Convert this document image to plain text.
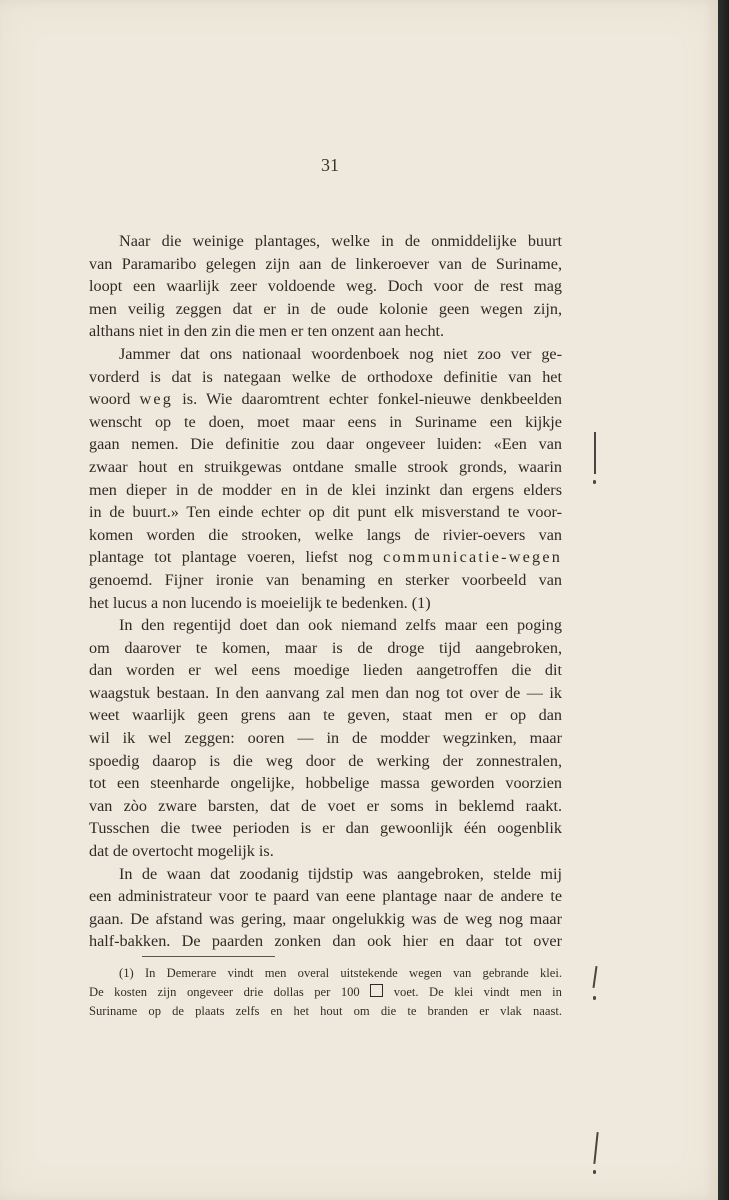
31
Naar die weinige plantages, welke in de onmiddelijke buurt
van Paramaribo gelegen zijn aan de linkeroever van de Suriname,
loopt een waarlijk zeer voldoende weg. Doch voor de rest mag
men veilig zeggen dat er in de oude kolonie geen wegen zijn,
althans niet in den zin die men er ten onzent aan hecht.
Jammer dat ons nationaal woordenboek nog niet zoo ver ge-
vorderd is dat is nategaan welke de orthodoxe definitie van het
woord weg is. Wie daaromtrent echter fonkel-nieuwe denkbeelden
wenscht op te doen, moet maar eens in Suriname een kijkje
gaan nemen. Die definitie zou daar ongeveer luiden: «Een van
zwaar hout en struikgewas ontdane smalle strook gronds, waarin
men dieper in de modder en in de klei inzinkt dan ergens elders
in de buurt.» Ten einde echter op dit punt elk misverstand te voor-
komen worden die strooken, welke langs de rivier-oevers van
plantage tot plantage voeren, liefst nog communicatie-wegen
genoemd. Fijner ironie van benaming en sterker voorbeeld van
het lucus a non lucendo is moeielijk te bedenken. (1)
In den regentijd doet dan ook niemand zelfs maar een poging
om daarover te komen, maar is de droge tijd aangebroken,
dan worden er wel eens moedige lieden aangetroffen die dit
waagstuk bestaan. In den aanvang zal men dan nog tot over de — ik
weet waarlijk geen grens aan te geven, staat men er op dan
wil ik wel zeggen: ooren — in de modder wegzinken, maar
spoedig daarop is die weg door de werking der zonnestralen,
tot een steenharde ongelijke, hobbelige massa geworden voorzien
van zòo zware barsten, dat de voet er soms in beklemd raakt.
Tusschen die twee perioden is er dan gewoonlijk één oogenblik
dat de overtocht mogelijk is.
In de waan dat zoodanig tijdstip was aangebroken, stelde mij
een administrateur voor te paard van eene plantage naar de andere te
gaan. De afstand was gering, maar ongelukkig was de weg nog maar
half-bakken. De paarden zonken dan ook hier en daar tot over
(1) In Demerare vindt men overal uitstekende wegen van gebrande klei.
De kosten zijn ongeveer drie dollas per 100	voet. De klei vindt men in
Suriname op de plaats zelfs en het hout om die te branden er vlak naast.
